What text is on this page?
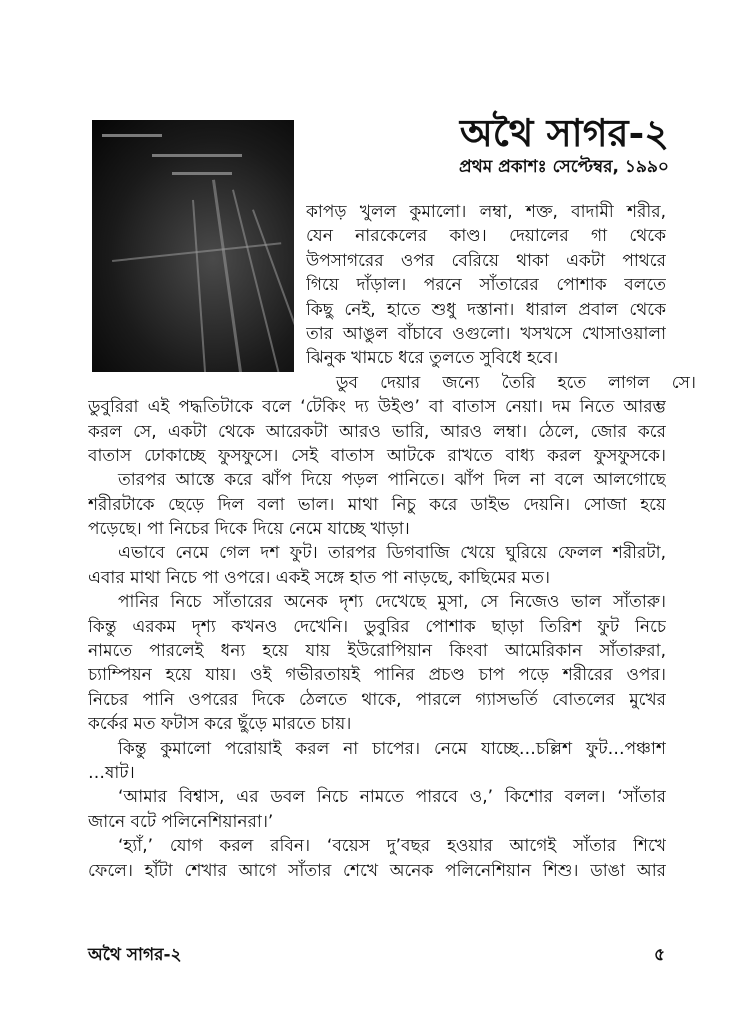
অথৈ সাগর-২
প্রথম প্রকাশঃ সেপ্টেম্বর, ১৯৯০
কাপড় খুলল কুমালো। লম্বা, শক্ত, বাদামী শরীর,
যেন নারকেলের কাণ্ড। দেয়ালের গা থেকে
উপসাগরের ওপর বেরিয়ে থাকা একটা পাথরে
গিয়ে দাঁড়াল। পরনে সাঁতারের পোশাক বলতে
কিছু নেই, হাতে শুধু দস্তানা। ধারাল প্রবাল থেকে
তার আঙুল বাঁচাবে ওগুলো। খসখসে খোসাওয়ালা
ঝিনুক খামচে ধরে তুলতে সুবিধে হবে।
ডুব দেয়ার জন্যে তৈরি হতে লাগল সে।
ডুবুরিরা এই পদ্ধতিটাকে বলে ‘টেকিং দ্য উইণ্ড’ বা বাতাস নেয়া। দম নিতে আরম্ভ
করল সে, একটা থেকে আরেকটা আরও ভারি, আরও লম্বা। ঠেলে, জোর করে
বাতাস ঢোকাচ্ছে ফুসফুসে। সেই বাতাস আটকে রাখতে বাধ্য করল ফুসফুসকে।
তারপর আস্তে করে ঝাঁপ দিয়ে পড়ল পানিতে। ঝাঁপ দিল না বলে আলগোছে
শরীরটাকে ছেড়ে দিল বলা ভাল। মাথা নিচু করে ডাইভ দেয়নি। সোজা হয়ে
পড়েছে। পা নিচের দিকে দিয়ে নেমে যাচ্ছে খাড়া।
এভাবে নেমে গেল দশ ফুট। তারপর ডিগবাজি খেয়ে ঘুরিয়ে ফেলল শরীরটা,
এবার মাথা নিচে পা ওপরে। একই সঙ্গে হাত পা নাড়ছে, কাছিমের মত।
পানির নিচে সাঁতারের অনেক দৃশ্য দেখেছে মুসা, সে নিজেও ভাল সাঁতারু।
কিন্তু এরকম দৃশ্য কখনও দেখেনি। ডুবুরির পোশাক ছাড়া তিরিশ ফুট নিচে
নামতে পারলেই ধন্য হয়ে যায় ইউরোপিয়ান কিংবা আমেরিকান সাঁতারুরা,
চ্যাম্পিয়ন হয়ে যায়। ওই গভীরতায়ই পানির প্রচণ্ড চাপ পড়ে শরীরের ওপর।
নিচের পানি ওপরের দিকে ঠেলতে থাকে, পারলে গ্যাসভর্তি বোতলের মুখের
কর্কের মত ফটাস করে ছুঁড়ে মারতে চায়।
কিন্তু কুমালো পরোয়াই করল না চাপের। নেমে যাচ্ছে…চল্লিশ ফুট…পঞ্চাশ
…ষাট।
‘আমার বিশ্বাস, এর ডবল নিচে নামতে পারবে ও,’ কিশোর বলল। ‘সাঁতার
জানে বটে পলিনেশিয়ানরা।’
‘হ্যাঁ,’ যোগ করল রবিন। ‘বয়েস দু’বছর হওয়ার আগেই সাঁতার শিখে
ফেলে। হাঁটা শেখার আগে সাঁতার শেখে অনেক পলিনেশিয়ান শিশু। ডাঙা আর
অথৈ সাগর-২	৫
